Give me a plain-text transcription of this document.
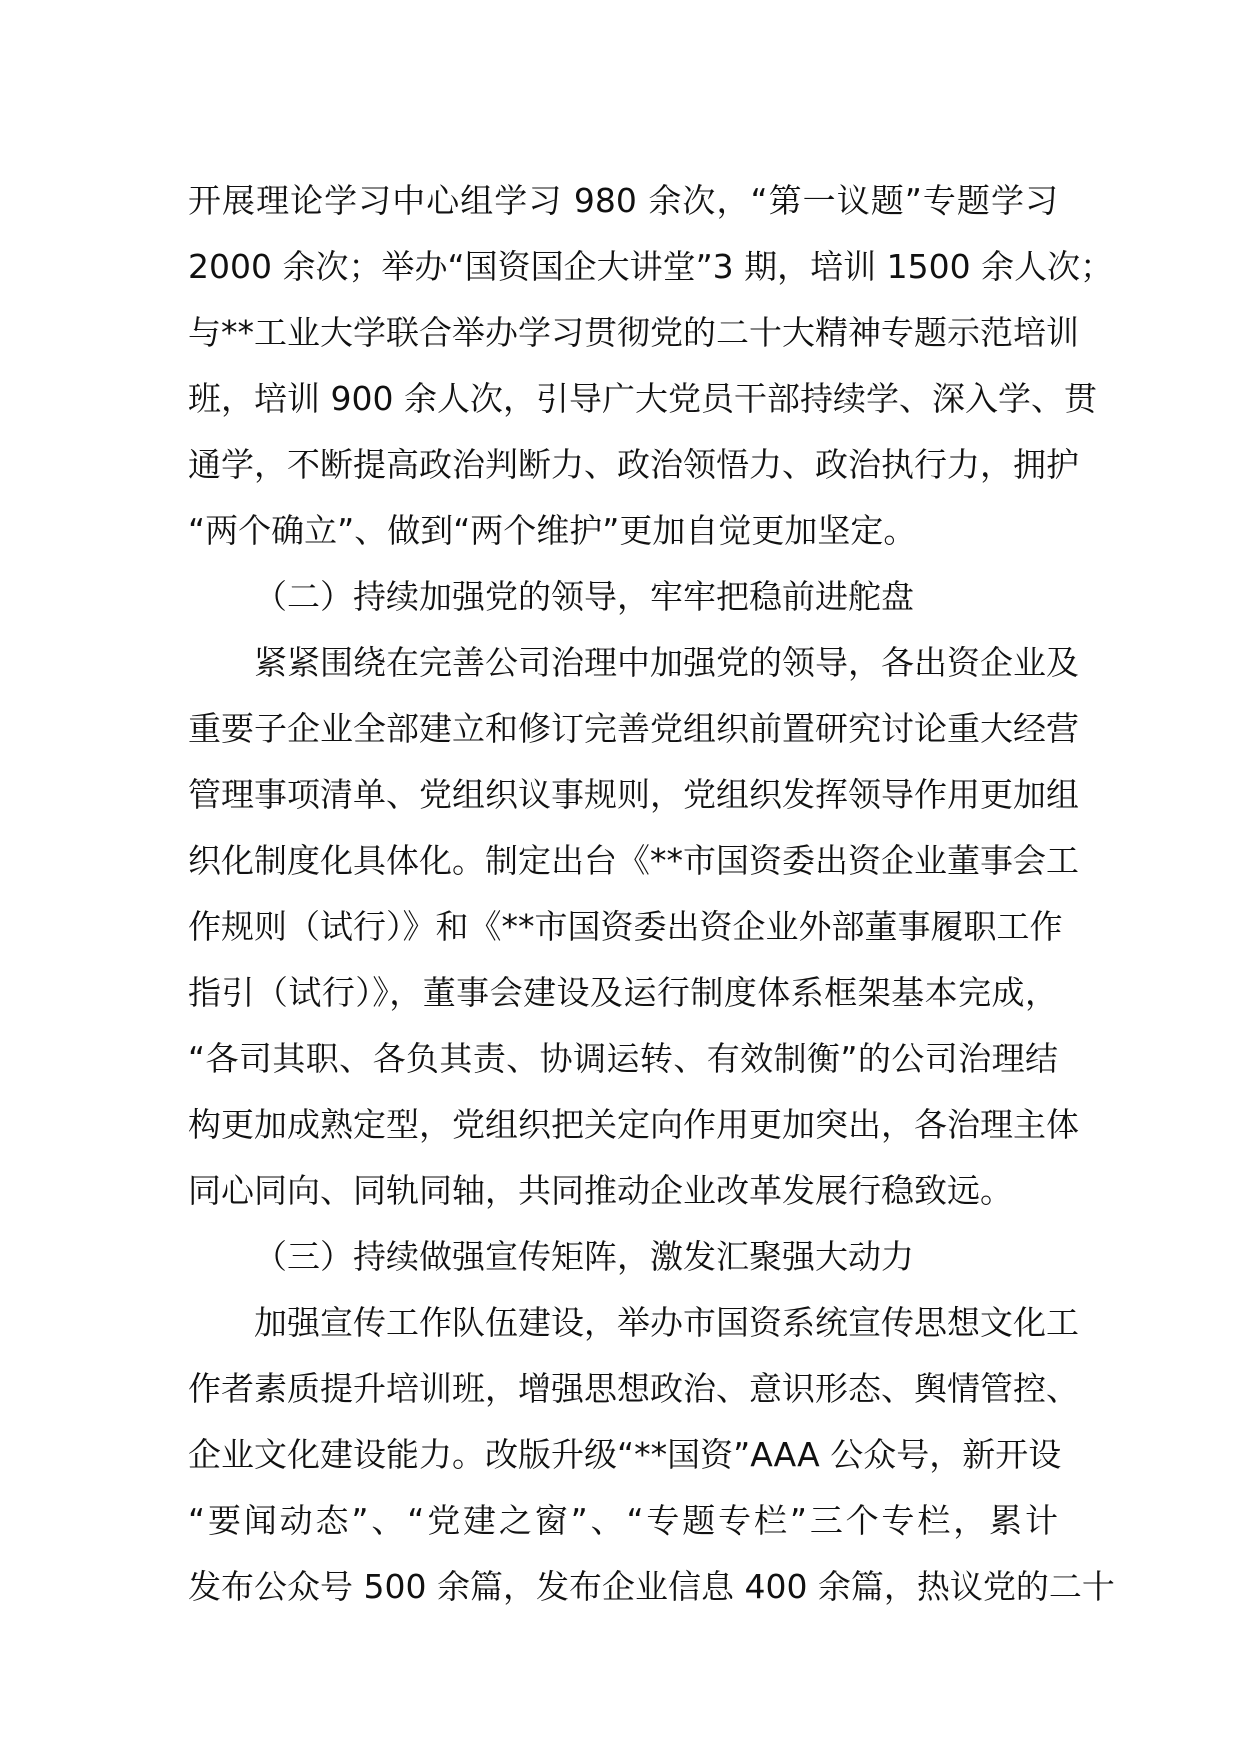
开展理论学习中心组学习 980 余次，“第一议题”专题学习
2000 余次；举办“国资国企大讲堂”3 期，培训 1500 余人次；
与**工业大学联合举办学习贯彻党的二十大精神专题示范培训
班，培训 900 余人次，引导广大党员干部持续学、深入学、贯
通学，不断提高政治判断力、政治领悟力、政治执行力，拥护
“两个确立”、做到“两个维护”更加自觉更加坚定。
（二）持续加强党的领导，牢牢把稳前进舵盘
紧紧围绕在完善公司治理中加强党的领导，各出资企业及
重要子企业全部建立和修订完善党组织前置研究讨论重大经营
管理事项清单、党组织议事规则，党组织发挥领导作用更加组
织化制度化具体化。制定出台《**市国资委出资企业董事会工
作规则（试行）》和《**市国资委出资企业外部董事履职工作
指引（试行）》，董事会建设及运行制度体系框架基本完成，
“各司其职、各负其责、协调运转、有效制衡”的公司治理结
构更加成熟定型，党组织把关定向作用更加突出，各治理主体
同心同向、同轨同轴，共同推动企业改革发展行稳致远。
（三）持续做强宣传矩阵，激发汇聚强大动力
加强宣传工作队伍建设，举办市国资系统宣传思想文化工
作者素质提升培训班，增强思想政治、意识形态、舆情管控、
企业文化建设能力。改版升级“**国资”AAA 公众号，新开设
“要闻动态”、“党建之窗”、“专题专栏”三个专栏，累计
发布公众号 500 余篇，发布企业信息 400 余篇，热议党的二十
